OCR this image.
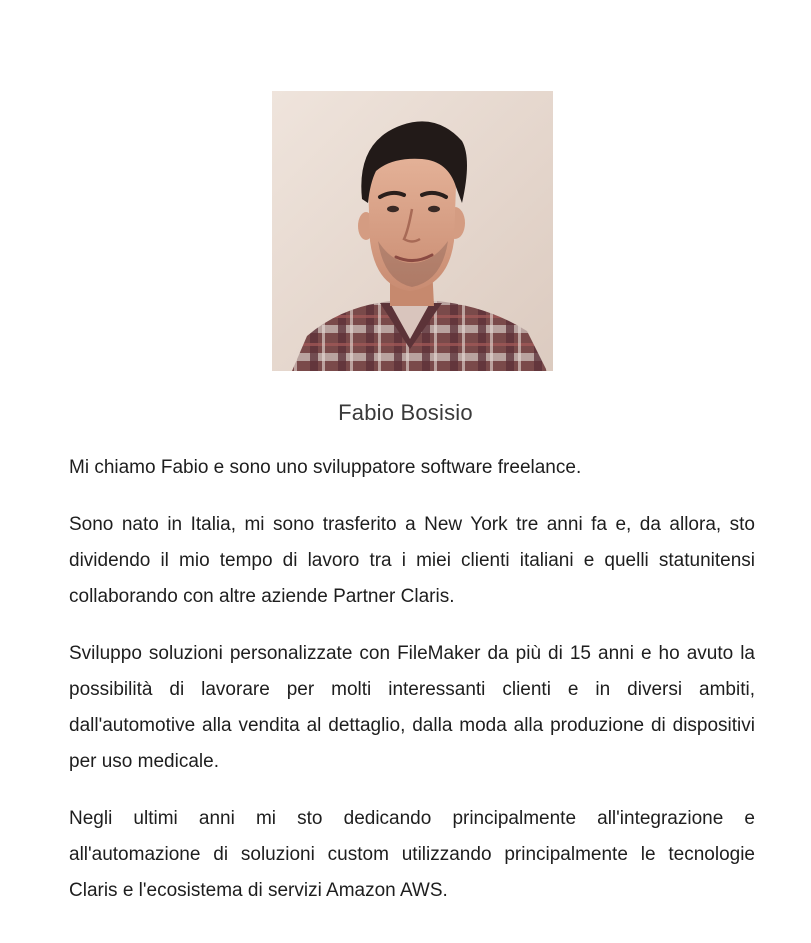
Fabio Bosisio

Mi chiamo Fabio e sono uno sviluppatore software freelance.

Sono nato in Italia, mi sono trasferito a New York tre anni fa e, da allora, sto dividendo il mio tempo di lavoro tra i miei clienti italiani e quelli statunitensi collaborando con altre aziende Partner Claris.

Sviluppo soluzioni personalizzate con FileMaker da più di 15 anni e ho avuto la possibilità di lavorare per molti interessanti clienti e in diversi ambiti, dall'automotive alla vendita al dettaglio, dalla moda alla produzione di dispositivi per uso medicale.

Negli ultimi anni mi sto dedicando principalmente all'integrazione e all'automazione di soluzioni custom utilizzando principalmente le tecnologie Claris e l'ecosistema di servizi Amazon AWS.
